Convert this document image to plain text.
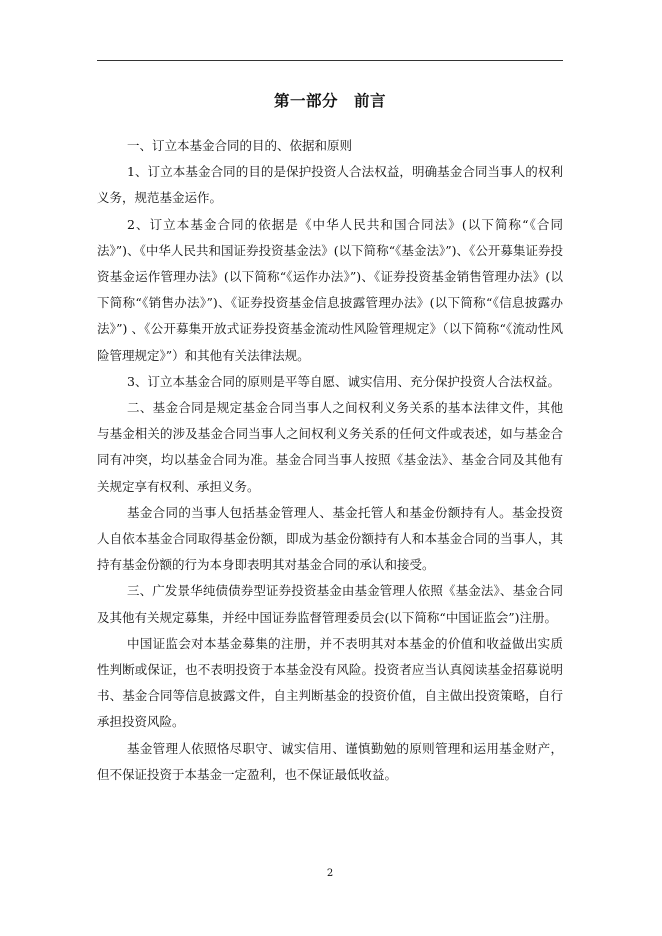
第一部分　前言

一、订立本基金合同的目的、依据和原则

1、订立本基金合同的目的是保护投资人合法权益，明确基金合同当事人的权利义务，规范基金运作。

2、订立本基金合同的依据是《中华人民共和国合同法》(以下简称“《合同法》”)、《中华人民共和国证券投资基金法》(以下简称“《基金法》”)、《公开募集证券投资基金运作管理办法》(以下简称“《运作办法》”)、《证券投资基金销售管理办法》(以下简称“《销售办法》”)、《证券投资基金信息披露管理办法》(以下简称“《信息披露办法》”) 、《公开募集开放式证券投资基金流动性风险管理规定》（以下简称“《流动性风险管理规定》”）和其他有关法律法规。

3、订立本基金合同的原则是平等自愿、诚实信用、充分保护投资人合法权益。

二、基金合同是规定基金合同当事人之间权利义务关系的基本法律文件，其他与基金相关的涉及基金合同当事人之间权利义务关系的任何文件或表述，如与基金合同有冲突，均以基金合同为准。基金合同当事人按照《基金法》、基金合同及其他有关规定享有权利、承担义务。

基金合同的当事人包括基金管理人、基金托管人和基金份额持有人。基金投资人自依本基金合同取得基金份额，即成为基金份额持有人和本基金合同的当事人，其持有基金份额的行为本身即表明其对基金合同的承认和接受。

三、广发景华纯债债券型证券投资基金由基金管理人依照《基金法》、基金合同及其他有关规定募集，并经中国证券监督管理委员会(以下简称“中国证监会”)注册。

中国证监会对本基金募集的注册，并不表明其对本基金的价值和收益做出实质性判断或保证，也不表明投资于本基金没有风险。投资者应当认真阅读基金招募说明书、基金合同等信息披露文件，自主判断基金的投资价值，自主做出投资策略，自行承担投资风险。

基金管理人依照恪尽职守、诚实信用、谨慎勤勉的原则管理和运用基金财产，但不保证投资于本基金一定盈利，也不保证最低收益。

2
